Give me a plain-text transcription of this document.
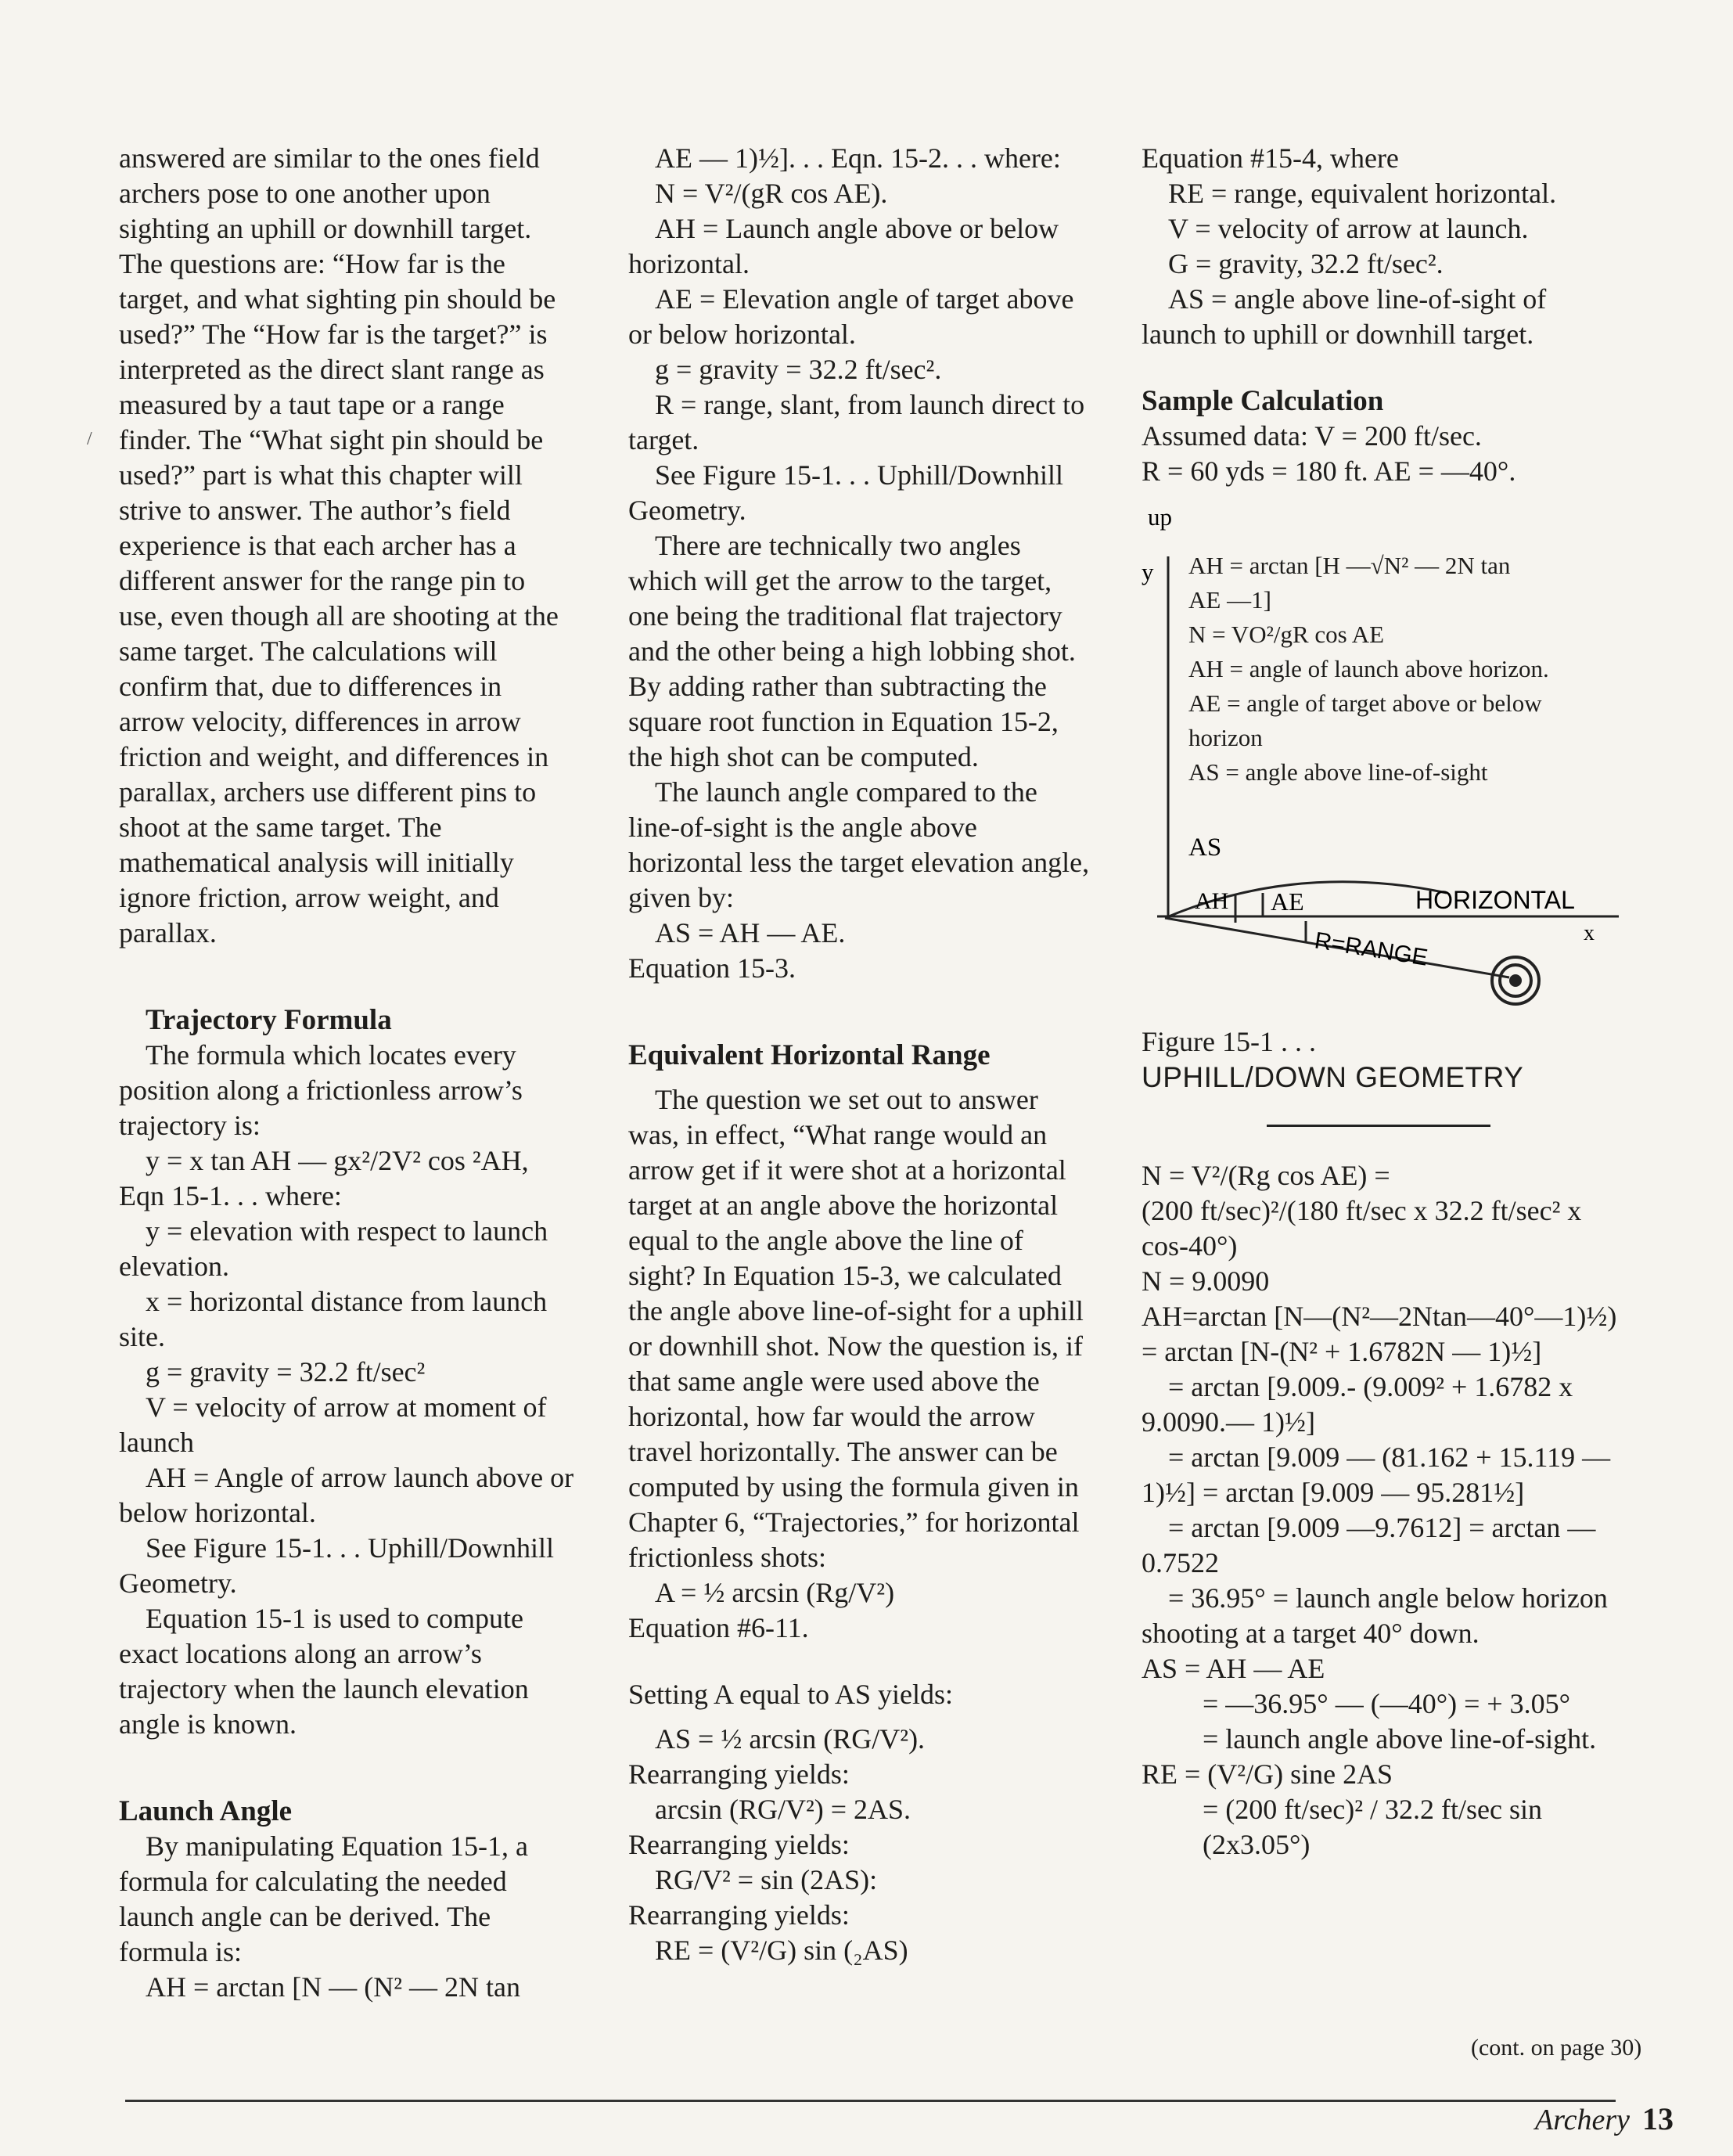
/

answered are similar to the ones field archers pose to one another upon sighting an uphill or downhill target. The questions are: “How far is the target, and what sighting pin should be used?” The “How far is the target?” is interpreted as the direct slant range as measured by a taut tape or a range finder. The “What sight pin should be used?” part is what this chapter will strive to answer. The author’s field experience is that each archer has a different answer for the range pin to use, even though all are shooting at the same target. The calculations will confirm that, due to differences in arrow velocity, differences in arrow friction and weight, and differences in parallax, archers use different pins to shoot at the same target. The mathematical analysis will initially ignore friction, arrow weight, and parallax.

Trajectory Formula

The formula which locates every position along a frictionless arrow’s trajectory is:

y = x tan AH — gx²/2V² cos ²AH,

Eqn 15-1. . . where:

y = elevation with respect to launch elevation.

x = horizontal distance from launch site.

g = gravity = 32.2 ft/sec²

V = velocity of arrow at moment of launch

AH = Angle of arrow launch above or below horizontal.

See Figure 15-1. . . Uphill/Downhill Geometry.

Equation 15-1 is used to compute exact locations along an arrow’s trajectory when the launch elevation angle is known.

Launch Angle

By manipulating Equation 15-1, a formula for calculating the needed launch angle can be derived. The formula is:

AH = arctan [N — (N² — 2N tan

AE — 1)½]. . . Eqn. 15-2. . . where:

N = V²/(gR cos AE).

AH = Launch angle above or below horizontal.

AE = Elevation angle of target above or below horizontal.

g = gravity = 32.2 ft/sec².

R = range, slant, from launch direct to target.

See Figure 15-1. . . Uphill/Downhill Geometry.

There are technically two angles which will get the arrow to the target, one being the traditional flat trajectory and the other being a high lobbing shot. By adding rather than subtracting the square root function in Equation 15-2, the high shot can be computed.

The launch angle compared to the line-of-sight is the angle above horizontal less the target elevation angle, given by:

AS = AH — AE.

Equation 15-3.

Equivalent Horizontal Range

The question we set out to answer was, in effect, “What range would an arrow get if it were shot at a horizontal target at an angle above the horizontal equal to the angle above the line of sight? In Equation 15-3, we calculated the angle above line-of-sight for a uphill or downhill shot. Now the question is, if that same angle were used above the horizontal, how far would the arrow travel horizontally. The answer can be computed by using the formula given in Chapter 6, “Trajectories,” for horizontal frictionless shots:

A = ½ arcsin (Rg/V²)

Equation #6-11.

Setting A equal to AS yields:

AS = ½ arcsin (RG/V²).

Rearranging yields:

arcsin (RG/V²) = 2AS.

Rearranging yields:

RG/V² = sin (2AS):

Rearranging yields:

RE = (V²/G) sin (₂AS)

Equation #15-4, where

RE = range, equivalent horizontal.

V = velocity of arrow at launch.

G = gravity, 32.2 ft/sec².

AS = angle above line-of-sight of launch to uphill or downhill target.

Sample Calculation

Assumed data: V = 200 ft/sec.

R = 60 yds = 180 ft. AE = —40°.

up
y
x
AS
AH AE	HORIZONTAL
R=RANGE
AH = arctan [H —√N² — 2N tan
AE —1]
N = VO²/gR cos AE
AH = angle of launch above horizon.
AE = angle of target above or below
horizon
AS = angle above line-of-sight

Figure 15-1 . . .

UPHILL/DOWN GEOMETRY

N = V²/(Rg cos AE) =

(200 ft/sec)²/(180 ft/sec x 32.2 ft/sec² x cos-40°)

N = 9.0090

AH=arctan [N—(N²—2Ntan—40°—1)½) = arctan [N-(N² + 1.6782N — 1)½]

= arctan [9.009.- (9.009² + 1.6782 x 9.0090.— 1)½]

= arctan [9.009 — (81.162 + 15.119 — 1)½] = arctan [9.009 — 95.281½]

= arctan [9.009 —9.7612] = arctan —0.7522

= 36.95° = launch angle below horizon shooting at a target 40° down.

AS = AH — AE

= —36.95° — (—40°) = + 3.05°

= launch angle above line-of-sight.

RE = (V²/G) sine 2AS

= (200 ft/sec)² / 32.2 ft/sec sin (2x3.05°)

(cont. on page 30)
Archery 13
